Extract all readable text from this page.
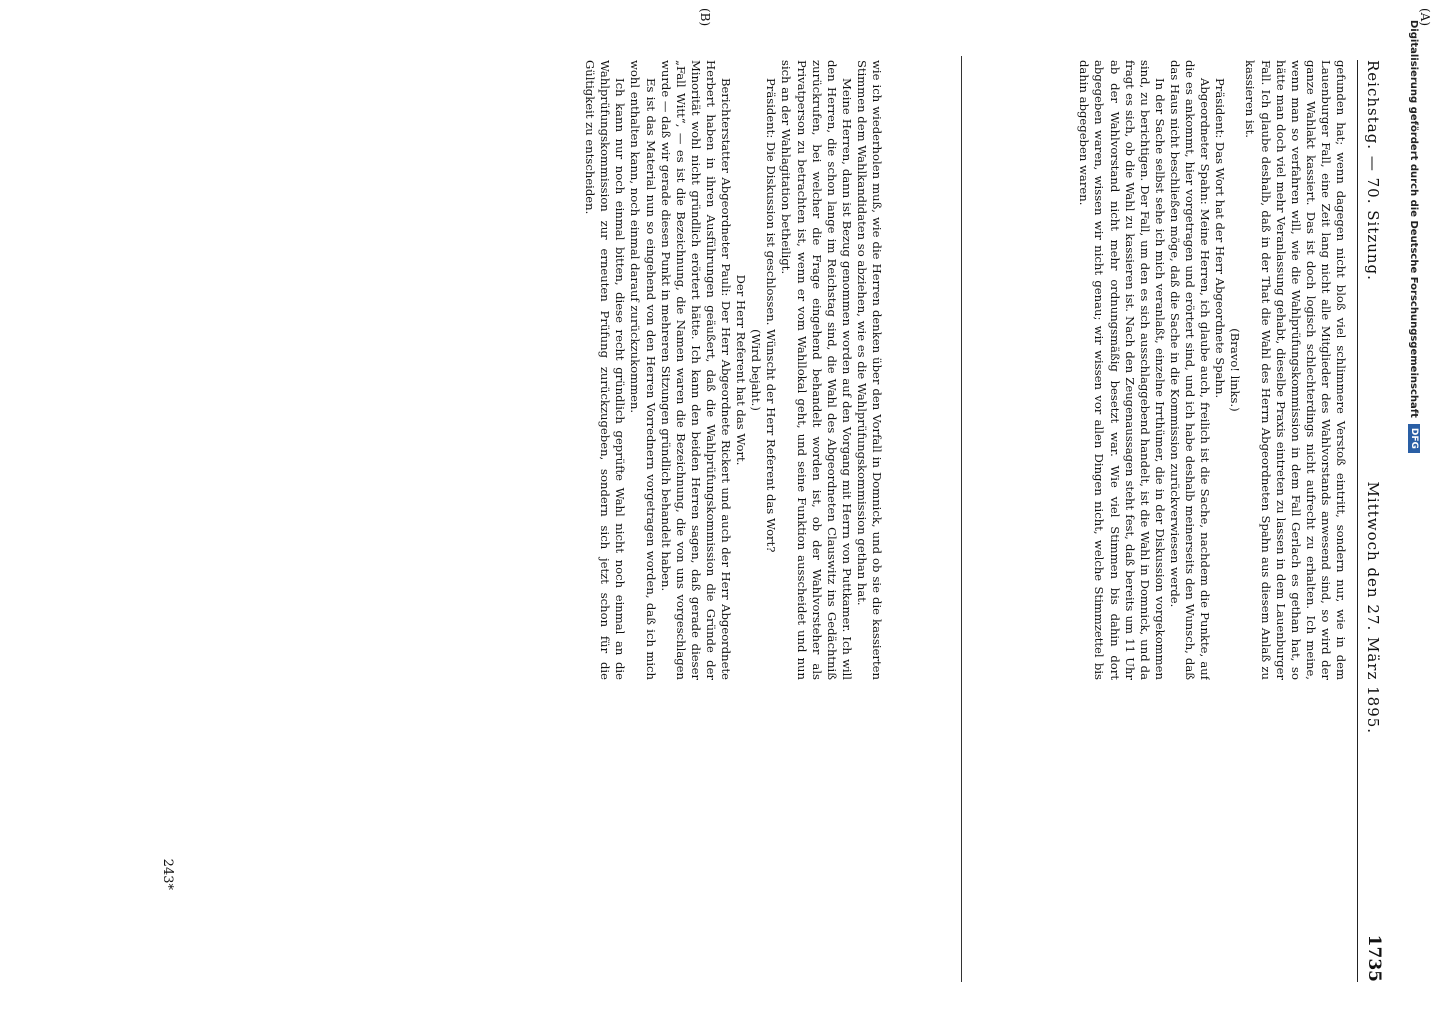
(A)
(B)
Reichstag. — 70. Sitzung.
Mittwoch den 27. März 1895.
1735

gefunden hat; wenn dagegen nicht bloß viel schlimmere Verstoß eintritt, sondern nur, wie in dem Lauenburger Fall, eine Zeit lang nicht alle Mitglieder des Wahlvorstands anwesend sind, so wird der ganze Wahlakt kassiert. Das ist doch logisch schlechterdings nicht aufrecht zu erhalten. Ich meine, wenn man so verfahren will, wie die Wahlprüfungskommission in dem Fall Gerlach es gethan hat, so hätte man doch viel mehr Veranlassung gehabt, dieselbe Praxis eintreten zu lassen in dem Lauenburger Fall. Ich glaube deshalb, daß in der That die Wahl des Herrn Abgeordneten Spahn aus diesem Anlaß zu kassieren ist.

(Bravo! links.)

Präsident: Das Wort hat der Herr Abgeordnete Spahn.

Abgeordneter Spahn: Meine Herren, ich glaube auch, freilich ist die Sache, nachdem die Punkte, auf die es ankommt, hier vorgetragen und erörtert sind, und ich habe deshalb meinerseits den Wunsch, daß das Haus nicht beschließen möge, daß die Sache in die Kommission zurückverwiesen werde.

In der Sache selbst sehe ich mich veranlaßt, einzelne Irrthümer, die in der Diskussion vorgekommen sind, zu berichtigen. Der Fall, um den es sich ausschlaggebend handelt, ist die Wahl in Domnick, und da fragt es sich, ob die Wahl zu kassieren ist. Nach den Zeugenaussagen steht fest, daß bereits um 11 Uhr ab der Wahlvorstand nicht mehr ordnungsmäßig besetzt war. Wie viel Stimmen bis dahin dort abgegeben waren, wissen wir nicht genau; wir wissen vor allen Dingen nicht, welche Stimmzettel bis dahin abgegeben waren.

wie ich wiederholen muß, wie die Herren denken über den Vorfall in Domnick, und ob sie die kassierten Stimmen dem Wahlkandidaten so abziehen, wie es die Wahlprüfungskommission gethan hat.

Meine Herren, dann ist Bezug genommen worden auf den Vorgang mit Herrn von Puttkamer. Ich will den Herren, die schon lange im Reichstag sind, die Wahl des Abgeordneten Clauswitz ins Gedächtniß zurückrufen, bei welcher die Frage eingehend behandelt worden ist, ob der Wahlvorsteher als Privatperson zu betrachten ist, wenn er vom Wahllokal geht, und seine Funktion ausscheidet und nun sich an der Wahlagitation betheiligt.

Präsident: Die Diskussion ist geschlossen. Wünscht der Herr Referent das Wort?

(Wird bejaht.)

Der Herr Referent hat das Wort.

Berichterstatter Abgeordneter Pauli: Der Herr Abgeordnete Rickert und auch der Herr Abgeordnete Herbert haben in ihren Ausführungen geäußert, daß die Wahlprüfungskommission die Gründe der Minorität wohl nicht gründlich erörtert hätte. Ich kann den beiden Herren sagen, daß gerade dieser „Fall Witt“, — es ist die Bezeichnung, die Namen waren die Bezeichnung, die von uns vorgeschlagen wurde — daß wir gerade diesen Punkt in mehreren Sitzungen gründlich behandelt haben.

Es ist das Material nun so eingehend von den Herren Vorrednern vorgetragen worden, daß ich mich wohl enthalten kann, noch einmal darauf zurückzukommen.

Ich kann nur noch einmal bitten, diese recht gründlich geprüfte Wahl nicht noch einmal an die Wahlprüfungskommission zur erneuten Prüfung zurückzugeben, sondern sich jetzt schon für die Gültigkeit zu entscheiden.

243*
Digitalisierung gefördert durch die Deutsche Forschungsgemeinschaft
DFG
